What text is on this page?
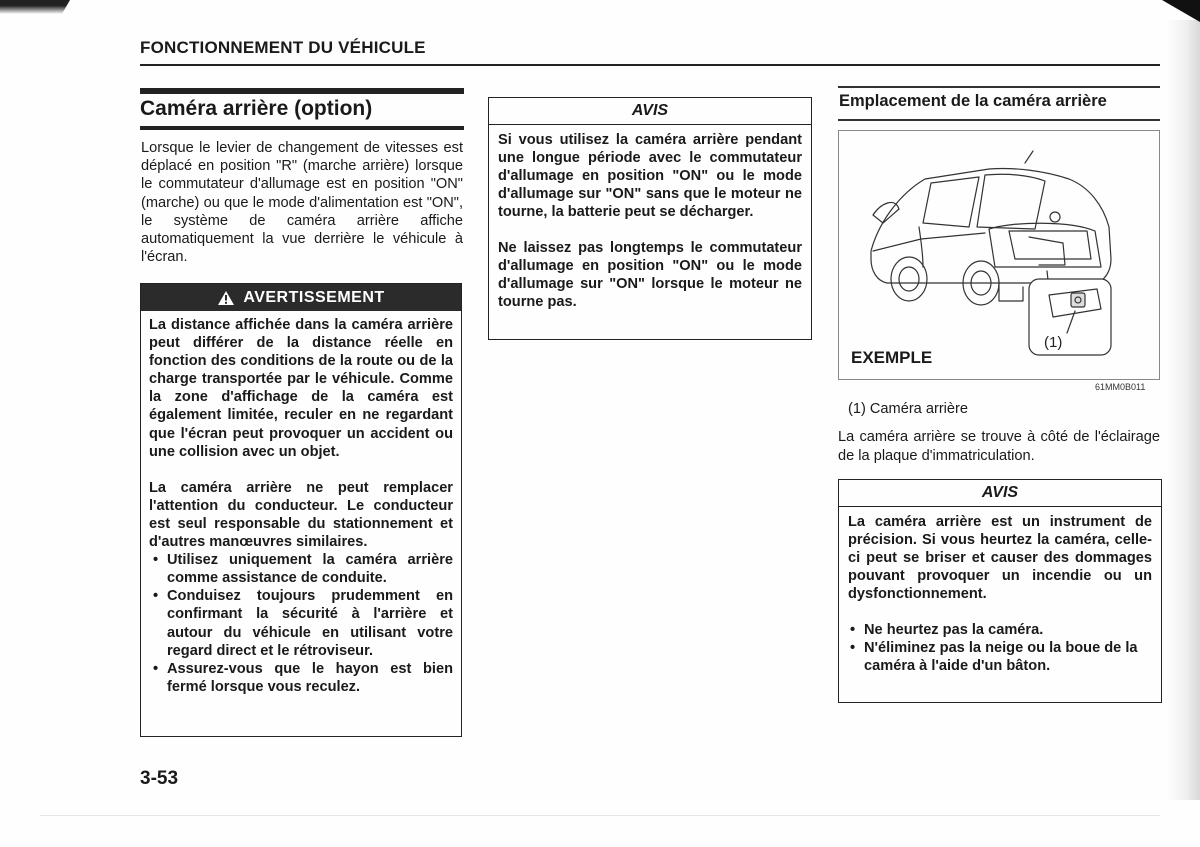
FONCTIONNEMENT DU VÉHICULE
Caméra arrière (option)
Lorsque le levier de changement de vitesses est déplacé en position "R" (marche arrière) lorsque le commutateur d'allumage est en position "ON" (marche) ou que le mode d'alimentation est "ON", le système de caméra arrière affiche automatiquement la vue derrière le véhicule à l'écran.
AVERTISSEMENT

La distance affichée dans la caméra arrière peut différer de la distance réelle en fonction des conditions de la route ou de la charge transportée par le véhicule. Comme la zone d'affichage de la caméra est également limitée, reculer en ne regardant que l'écran peut provoquer un accident ou une collision avec un objet.

La caméra arrière ne peut remplacer l'attention du conducteur. Le conducteur est seul responsable du stationnement et d'autres manœuvres similaires.

• Utilisez uniquement la caméra arrière comme assistance de conduite.
• Conduisez toujours prudemment en confirmant la sécurité à l'arrière et autour du véhicule en utilisant votre regard direct et le rétroviseur.
• Assurez-vous que le hayon est bien fermé lorsque vous reculez.
AVIS

Si vous utilisez la caméra arrière pendant une longue période avec le commutateur d'allumage en position "ON" ou le mode d'allumage sur "ON" sans que le moteur ne tourne, la batterie peut se décharger.

Ne laissez pas longtemps le commutateur d'allumage en position "ON" ou le mode d'allumage sur "ON" lorsque le moteur ne tourne pas.

Emplacement de la caméra arrière
(1)
EXEMPLE
61MM0B011
(1) Caméra arrière
La caméra arrière se trouve à côté de l'éclairage de la plaque d'immatriculation.
AVIS

La caméra arrière est un instrument de précision. Si vous heurtez la caméra, celle-ci peut se briser et causer des dommages pouvant provoquer un incendie ou un dysfonctionnement.

• Ne heurtez pas la caméra.
• N'éliminez pas la neige ou la boue de la caméra à l'aide d'un bâton.
3-53
